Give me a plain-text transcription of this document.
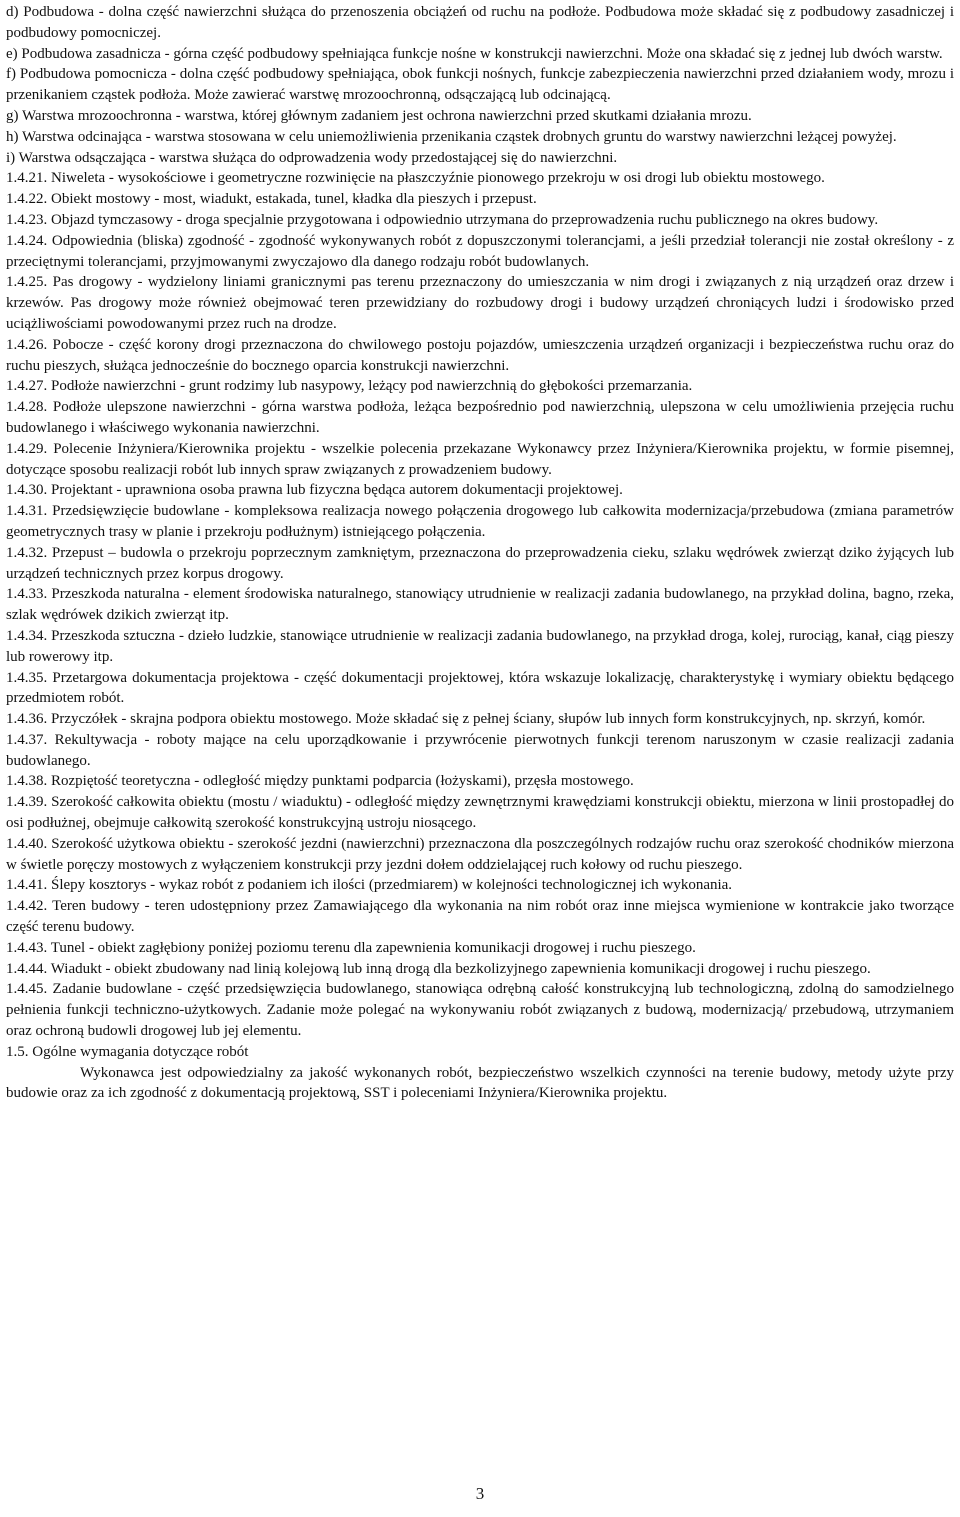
d) Podbudowa - dolna część nawierzchni służąca do przenoszenia obciążeń od ruchu na podłoże. Podbudowa może składać się z podbudowy zasadniczej i podbudowy pomocniczej.

e) Podbudowa zasadnicza - górna część podbudowy spełniająca funkcje nośne w konstrukcji nawierzchni. Może ona składać się z jednej lub dwóch warstw.

f) Podbudowa pomocnicza - dolna część podbudowy spełniająca, obok funkcji nośnych, funkcje zabezpieczenia nawierzchni przed działaniem wody, mrozu i przenikaniem cząstek podłoża. Może zawierać warstwę mrozoochronną, odsączającą lub odcinającą.

g) Warstwa mrozoochronna - warstwa, której głównym zadaniem jest ochrona nawierzchni przed skutkami działania mrozu.

h) Warstwa odcinająca - warstwa stosowana w celu uniemożliwienia przenikania cząstek drobnych gruntu do warstwy nawierzchni leżącej powyżej.

i) Warstwa odsączająca - warstwa służąca do odprowadzenia wody przedostającej się do nawierzchni.

1.4.21. Niweleta - wysokościowe i geometryczne rozwinięcie na płaszczyźnie pionowego przekroju w osi drogi lub obiektu mostowego.

1.4.22. Obiekt mostowy - most, wiadukt, estakada, tunel, kładka dla pieszych i przepust.

1.4.23. Objazd tymczasowy - droga specjalnie przygotowana i odpowiednio utrzymana do przeprowadzenia ruchu publicznego na okres budowy.

1.4.24. Odpowiednia (bliska) zgodność - zgodność wykonywanych robót z dopuszczonymi tolerancjami, a jeśli przedział tolerancji nie został określony - z przeciętnymi tolerancjami, przyjmowanymi zwyczajowo dla danego rodzaju robót budowlanych.

1.4.25. Pas drogowy - wydzielony liniami granicznymi pas terenu przeznaczony do umieszczania w nim drogi i związanych z nią urządzeń oraz drzew i krzewów. Pas drogowy może również obejmować teren przewidziany do rozbudowy drogi i budowy urządzeń chroniących ludzi i środowisko przed uciążliwościami powodowanymi przez ruch na drodze.

1.4.26. Pobocze - część korony drogi przeznaczona do chwilowego postoju pojazdów, umieszczenia urządzeń organizacji i bezpieczeństwa ruchu oraz do ruchu pieszych, służąca jednocześnie do bocznego oparcia konstrukcji nawierzchni.

1.4.27. Podłoże nawierzchni - grunt rodzimy lub nasypowy, leżący pod nawierzchnią do głębokości przemarzania.

1.4.28. Podłoże ulepszone nawierzchni - górna warstwa podłoża, leżąca bezpośrednio pod nawierzchnią, ulepszona w celu umożliwienia przejęcia ruchu budowlanego i właściwego wykonania nawierzchni.

1.4.29. Polecenie Inżyniera/Kierownika projektu - wszelkie polecenia przekazane Wykonawcy przez Inżyniera/Kierownika projektu, w formie pisemnej, dotyczące sposobu realizacji robót lub innych spraw związanych z prowadzeniem budowy.

1.4.30. Projektant - uprawniona osoba prawna lub fizyczna będąca autorem dokumentacji projektowej.

1.4.31. Przedsięwzięcie budowlane - kompleksowa realizacja nowego połączenia drogowego lub całkowita modernizacja/przebudowa (zmiana parametrów geometrycznych trasy w planie i przekroju podłużnym) istniejącego połączenia.

1.4.32. Przepust – budowla o przekroju poprzecznym zamkniętym, przeznaczona do przeprowadzenia cieku, szlaku wędrówek zwierząt dziko żyjących lub urządzeń technicznych przez korpus drogowy.

1.4.33. Przeszkoda naturalna - element środowiska naturalnego, stanowiący utrudnienie w realizacji zadania budowlanego, na przykład dolina, bagno, rzeka, szlak wędrówek dzikich zwierząt itp.

1.4.34. Przeszkoda sztuczna - dzieło ludzkie, stanowiące utrudnienie w realizacji zadania budowlanego, na przykład droga, kolej, rurociąg, kanał, ciąg pieszy lub rowerowy itp.

1.4.35. Przetargowa dokumentacja projektowa - część dokumentacji projektowej, która wskazuje lokalizację, charakterystykę i wymiary obiektu będącego przedmiotem robót.

1.4.36. Przyczółek - skrajna podpora obiektu mostowego. Może składać się z pełnej ściany, słupów lub innych form konstrukcyjnych, np. skrzyń, komór.

1.4.37. Rekultywacja - roboty mające na celu uporządkowanie i przywrócenie pierwotnych funkcji terenom naruszonym w czasie realizacji zadania budowlanego.

1.4.38. Rozpiętość teoretyczna - odległość między punktami podparcia (łożyskami), przęsła mostowego.

1.4.39. Szerokość całkowita obiektu (mostu / wiaduktu) - odległość między zewnętrznymi krawędziami konstrukcji obiektu, mierzona w linii prostopadłej do osi podłużnej, obejmuje całkowitą szerokość konstrukcyjną ustroju niosącego.

1.4.40. Szerokość użytkowa obiektu - szerokość jezdni (nawierzchni) przeznaczona dla poszczególnych rodzajów ruchu oraz szerokość chodników mierzona w świetle poręczy mostowych z wyłączeniem konstrukcji przy jezdni dołem oddzielającej ruch kołowy od ruchu pieszego.

1.4.41. Ślepy kosztorys - wykaz robót z podaniem ich ilości (przedmiarem) w kolejności technologicznej ich wykonania.

1.4.42. Teren budowy - teren udostępniony przez Zamawiającego dla wykonania na nim robót oraz inne miejsca wymienione w kontrakcie jako tworzące część terenu budowy.

1.4.43. Tunel - obiekt zagłębiony poniżej poziomu terenu dla zapewnienia komunikacji drogowej i ruchu pieszego.

1.4.44. Wiadukt - obiekt zbudowany nad linią kolejową lub inną drogą dla bezkolizyjnego zapewnienia komunikacji drogowej i ruchu pieszego.

1.4.45. Zadanie budowlane - część przedsięwzięcia budowlanego, stanowiąca odrębną całość konstrukcyjną lub technologiczną, zdolną do samodzielnego pełnienia funkcji techniczno-użytkowych. Zadanie może polegać na wykonywaniu robót związanych z budową, modernizacją/ przebudową, utrzymaniem oraz ochroną budowli drogowej lub jej elementu.

1.5. Ogólne wymagania dotyczące robót

Wykonawca jest odpowiedzialny za jakość wykonanych robót, bezpieczeństwo wszelkich czynności na terenie budowy, metody użyte przy budowie oraz za ich zgodność z dokumentacją projektową, SST i poleceniami Inżyniera/Kierownika projektu.

3
